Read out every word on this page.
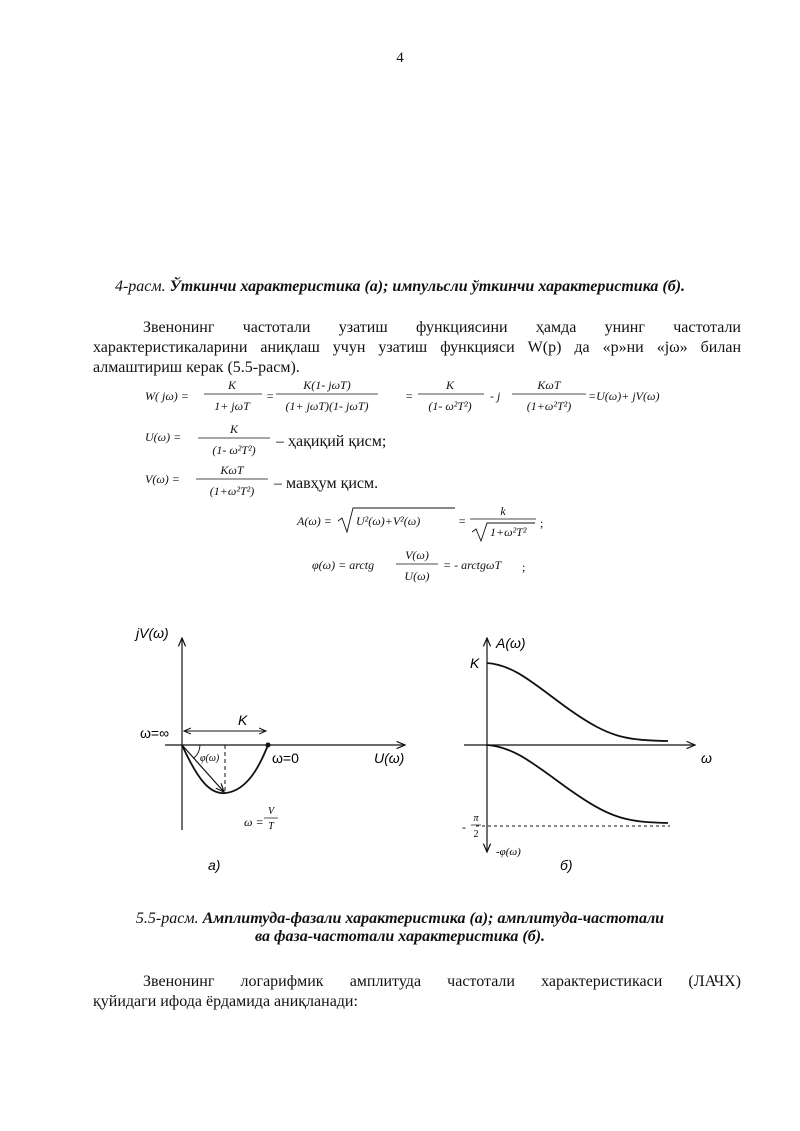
4
4-расм. Ўткинчи характеристика (а); импульсли ўткинчи характеристика (б).
Звенонинг частотали узатиш функциясини ҳамда унинг частотали
характеристикаларини аниқлаш учун узатиш функцияси W(p) да «p»ни «jω» билан
алмаштириш керак (5.5-расм).
W( jω) =
K
1+ jωT
=
K(1- jωT)
(1+ jωT)(1- jωT)
=
K
(1- ω²T²)
- j
KωT
(1+ω²T²)
=U(ω)+ jV(ω)
U(ω) =
K
(1- ω²T²) – ҳақиқий қисм;
V(ω) =
KωT
(1+ω²T²) – мавҳум қисм.
A(ω) = U²(ω)+V²(ω)	=
k
1+ω²T²
;
φ(ω) = arctg
V(ω)
U(ω)
= - arctgωT ;
jV(ω)
ω=∞
K
φ(ω)	ω=0	U(ω)
ω =
V
T
а)
A(ω)
K
ω
-
π
2
-φ(ω)
б)
5.5-расм. Амплитуда-фазали характеристика (а); амплитуда-частотали
ва фаза-частотали характеристика (б).
Звенонинг логарифмик амплитуда частотали характеристикаси (ЛАЧХ)
қуйидаги ифода ёрдамида аниқланади:
